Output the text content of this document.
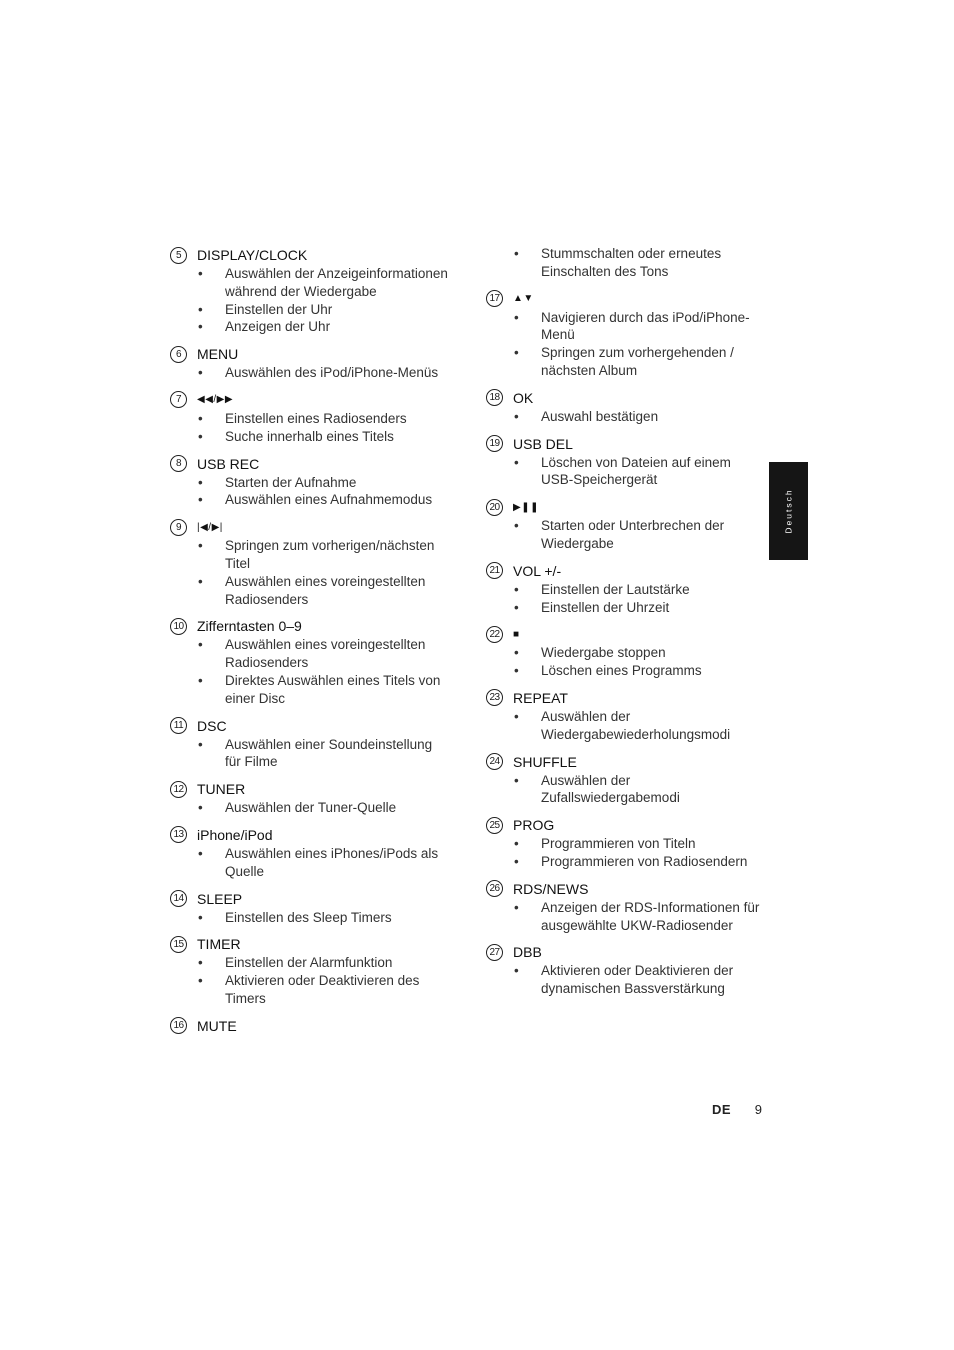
5	DISPLAY/CLOCK
• Auswählen der Anzeigeinformationen während der Wiedergabe
• Einstellen der Uhr
• Anzeigen der Uhr
6	MENU
• Auswählen des iPod/iPhone-Menüs
7	◀◀/▶▶
• Einstellen eines Radiosenders
• Suche innerhalb eines Titels
8	USB REC
• Starten der Aufnahme
• Auswählen eines Aufnahmemodus
9	|◀/▶|
• Springen zum vorherigen/nächsten Titel
• Auswählen eines voreingestellten Radiosenders
10 Zifferntasten 0–9
• Auswählen eines voreingestellten Radiosenders
• Direktes Auswählen eines Titels von einer Disc
11 DSC
• Auswählen einer Soundeinstellung für Filme
12 TUNER
• Auswählen der Tuner-Quelle
13 iPhone/iPod
• Auswählen eines iPhones/iPods als Quelle
14 SLEEP
• Einstellen des Sleep Timers
15 TIMER
• Einstellen der Alarmfunktion
• Aktivieren oder Deaktivieren des Timers
16 MUTE
• Stummschalten oder erneutes Einschalten des Tons
17	▲▼
• Navigieren durch das iPod/iPhone-Menü
• Springen zum vorhergehenden / nächsten Album
18 OK
• Auswahl bestätigen
19 USB DEL
• Löschen von Dateien auf einem USB-Speichergerät
20	▶❚❚
• Starten oder Unterbrechen der Wiedergabe
21 VOL +/-
• Einstellen der Lautstärke
• Einstellen der Uhrzeit
22	■
• Wiedergabe stoppen
• Löschen eines Programms
23 REPEAT
• Auswählen der Wiedergabewiederholungsmodi
24 SHUFFLE
• Auswählen der Zufallswiedergabemodi
25 PROG
• Programmieren von Titeln
• Programmieren von Radiosendern
26 RDS/NEWS
• Anzeigen der RDS-Informationen für ausgewählte UKW-Radiosender
27 DBB
• Aktivieren oder Deaktivieren der dynamischen Bassverstärkung
Deutsch
DE 9
